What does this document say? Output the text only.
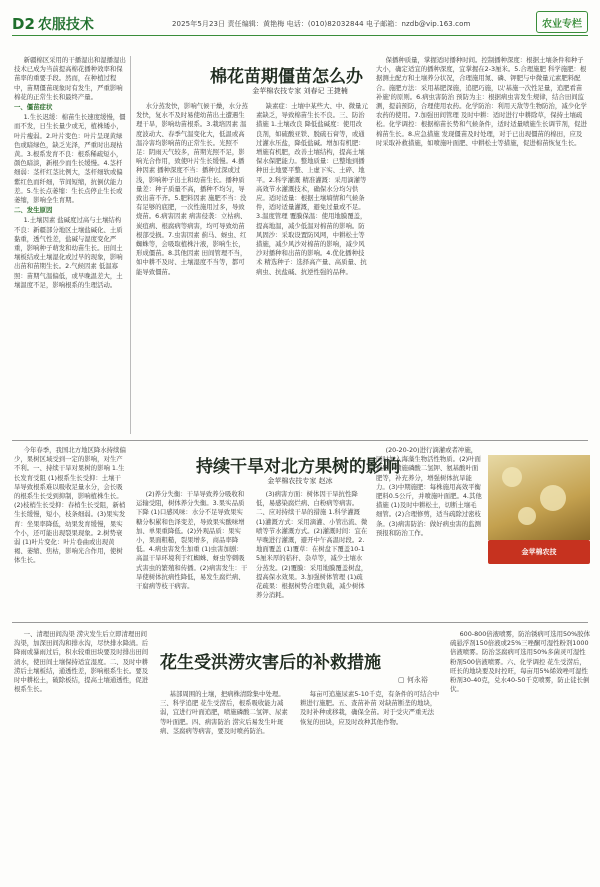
D2 农服技术	2025年5月23日 责任编辑：黄艳梅 电话：(010)82032844 电子邮箱：nzdb@vip.163.com	农业专栏
棉花苗期僵苗怎么办
金苹棉农技专家 刘春记 王捷楠

新疆棉区采用的干播湿出和湿播湿出技术已成为当前提高棉花播种效率和保苗率的重要手段。然而，在种植过程中，苗期僵苗现象时有发生，严重影响棉花的正常生长和最终产量。

一、僵苗症状

1.生长迟缓：棉苗生长速度缓慢，僵而不发，日生长量少或无，植株矮小，叶片瘦弱。2.叶片变色：叶片呈现黄绿色或暗绿色，缺乏光泽，严重时出现枯黄。3.根系发育不良：根系稀疏短小，颜色暗淡，新根少而生长缓慢。4.茎杆细弱：茎杆红茎比例大，茎杆细软或偏紫红色而纤细，节间短缩，抗倒伏能力差。5.生长点萎缩：生长点停止生长或萎缩，影响全生育期。

二、发生原因

1.土壤因素 盐碱度过高与土壤结构不良：新疆部分地区土壤盐碱化、土质黏重，透气性差，盐碱与湿度变化严重，影响种子萌发和幼苗生长。田间土壤板结或土壤湿化或过早的现象，影响出苗和苗期生长。2.气候因素 低温寡照：苗期气温偏低，或早晚温差大，土壤温度不足，影响根系的生理活动。

水分蒸发快，影响气候干燥，水分蒸发快，复水不及时易使幼苗出土遭遇生理干旱，影响幼苗根系。3.栽培因素 温度波动大、春季气温变化大，低温或高温冷害均影响苗的正常生长。光照不足：阴雨天气较多，苗期光照不足，影响光合作用，致使叶片生长缓慢。4.播种因素 播种深度不当：播种过深或过浅，影响种子出土和幼苗生长。播种质量差：种子质量不高，播种不均匀，导致出苗不齐。5.肥料因素 施肥不当：没有足够的底肥，一次性施用过多，导致烧苗。6.病害因素 病害侵袭：立枯病、炭疽病、根腐病等病害，均可导致幼苗根部受损。7.虫害因素 蓟马、蚜虫、红蜘蛛等，会吸取植株汁液，影响生长，形成僵苗。8.其他因素 田间管理不当，如中耕不及时、土壤湿度不当等，都可能导致僵苗。

缺素症：土壤中某些大、中、微量元素缺乏，导致棉苗生长不良。三、防治措施 1.土壤改良 降低盐碱度：使用改良剂，如硫酸亚铁、脱硫石膏等，或通过灌水压盐，降低盐碱。增加有机肥：增施有机肥，改善土壤结构，提高土壤保水保肥能力。整地质量：已整地到播种田土地要平整、上虚下实、土碎、地平。2.科学灌溉 精准灌溉：采用滴灌等高效节水灌溉技术，确保水分均匀供应。适时适量：根据土壤墒情和气候条件，适时适量灌溉，避免过量或不足。3.温度管理 覆膜保温：使用地膜覆盖，提高地温，减少低温对棉苗的影响。防风固沙：采取设置防风网，中耕松土等措施，减少风沙对棉苗的影响，减少风沙对播种和出苗的影响。4.优化播种技术 精选种子：选择高产量、高质量、抗病虫、抗盐碱、抗逆性强的品种。

保播种质量，掌握适时播种时间。控制播种深度：根据土壤条件和种子大小，确定适宜的播种深度，宜掌握在2-3厘米。5.合理施肥 科学施肥：根据测土配方和土壤养分状况，合理施用氮、磷、钾肥与中微量元素肥料配合。施肥方法：采用基肥深施，追肥巧施，以'基施一次性足量，追肥看苗补施'的原则。6.病虫害防治 预防为主：根据病虫害发生规律，结合田间监测，提前预防，合理使用农药。化学防治：利用天敌等生物防治，减少化学农药的使用。7.加强田间管理 及时中耕：适时进行中耕除草，保持土壤疏松。化学调控：根据棉苗长势和气候条件，适时适量喷施生长调节剂，促进棉苗生长。8.应急措施 发现僵苗及时处理，对于已出现僵苗的棉田，应及时采取补救措施，如喷施叶面肥、中耕松土等措施，促进棉苗恢复生长。

持续干旱对北方果树的影响
金苹棉农技专家 赵冰

今年春季，我国北方地区降水持续偏少，果树区域受到一定的影响，对生产不利。一、持续干旱对果树的影响 1.生长发育受阻 (1)根系生长受抑：土壤干旱导致根系难以吸收足量水分，会长吸的根系生长受到抑制，影响植株生长。(2)枝梢生长受抑：春梢生长受阻，新梢生长缓慢，短小，枝条细弱。(3)果实发育：坐果率降低，幼果发育缓慢，果实个小，还可能出现裂果现象。2.树势衰弱 (1)叶片变化：叶片卷曲或出现黄褐、萎缩、焦枯，影响光合作用，使树体生长。

(2)养分失衡：干旱导致养分吸收和运输受阻，树体养分失衡。3.果实品质下降 (1)口感风味：水分不足导致果实糖分积累和色泽变差，导致果实酸味增加、单果重降低。(2)外观品质：果实小，果面粗糙，裂果增多，商品率降低。4.病虫害发生加重 (1)虫害加剧：高温干旱环境利于红蜘蛛、蚜虫等刺吸式害虫的繁殖和传播。(2)病害发生：干旱使树体抗病性降低，易发生腐烂病、干腐病等枝干病害。

(3)病害方面：树体因干旱抗性降低，易感染腐烂病、白粉病等病害。二、应对持续干旱的措施 1.科学灌溉 (1)灌溉方式：采用滴灌、小管出流、微喷等节水灌溉方式。(2)灌溉时间：宜在早晚进行灌溉，避开中午高温时段。2.地面覆盖 (1)覆草：在树盘下覆盖10-15厘米厚的秸秆、杂草等，减少土壤水分蒸发。(2)覆膜：采用地膜覆盖树盘，提高保水效果。3.加强树体管理 (1)疏花疏果：根据树势合理负载，减少树体养分消耗。

(20-20-20)进行滴灌或者冲施，同时加入海藻生物活性物质。(2)叶面追肥：喷施磷酸二氢钾、氨基酸叶面肥等，补充养分，增强树体抗旱能力。(3)中期施肥：每株施用高效平衡肥料0.5公斤，并喷施叶面肥。4.其他措施 (1)及时中耕松土，切断土壤毛细管。(2)合理修剪，适当疏除过密枝条。(3)病害防治：做好病虫害的监测预报和防治工作。

金苹棉农技
花生受洪涝灾害后的补救措施
▢ 何永裕

一、清理田间沟渠 涝灾发生后立即清理田间沟渠，加深田间沟和排水沟，尽快排水降渍。后降雨或暴雨过后，积水较重田块要及时排出田间渍水，使田间土壤保持适宜湿度。二、及时中耕 涝后土壤板结，通透性差，影响根系生长。要及时中耕松土，破除板结，提高土壤通透性，促进根系生长。

基部周围的土壤，把病株清除集中处理。三、科学追肥 花生受涝后，根系吸收能力减弱，宜进行叶面追肥，喷施磷酸二氢钾、尿素等叶面肥。四、病害防治 涝灾后易发生叶斑病、茎腐病等病害，要及时喷药防治。

每亩可追施尿素5-10千克，有条件的可结合中耕进行施肥。五、查苗补苗 对缺苗断垄的地块，及时补种或移栽，确保全苗。对于受灾严重无法恢复的田块，应及时改种其他作物。

600-800倍液喷雾，防治锈病可选用50%胶体硫悬浮剂150倍液或25%三唑酮可湿性粉剂1000倍液喷雾。防治茎腐病可选用50%多菌灵可湿性粉剂500倍液喷雾。六、化学调控 花生受涝后，旺长的地块要及时控旺，每亩用5%烯效唑可湿性粉剂30-40克，兑水40-50千克喷雾，防止徒长倒伏。
